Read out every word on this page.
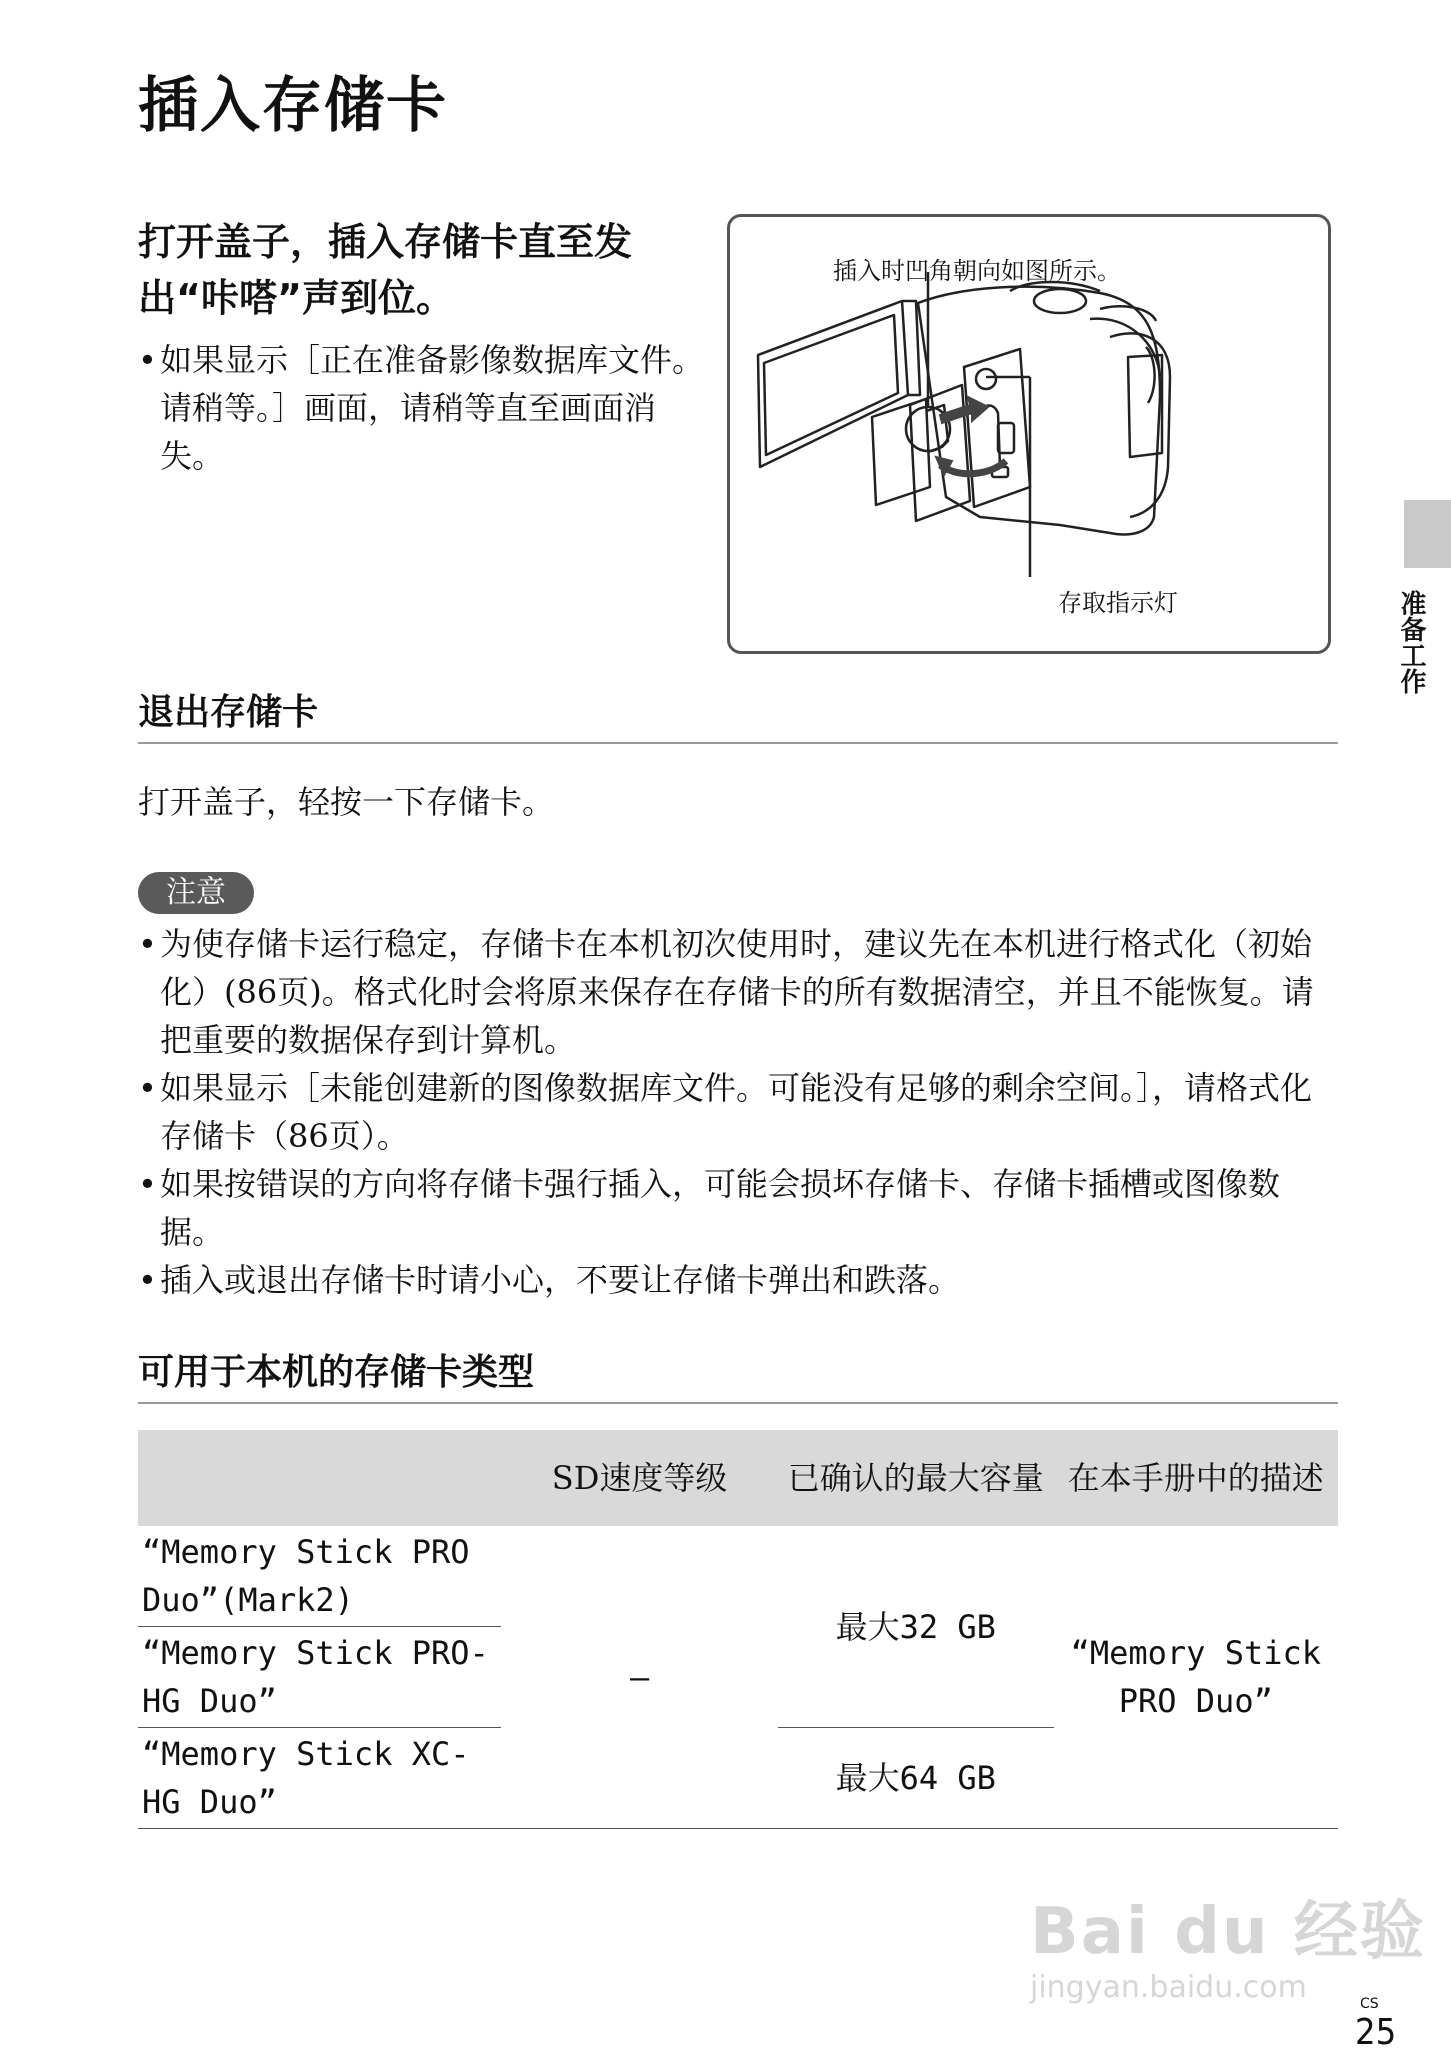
插入存储卡
打开盖子，插入存储卡直至发出“咔嗒”声到位。
• 如果显示［正在准备影像数据库文件。请稍等。］画面，请稍等直至画面消失。
插入时凹角朝向如图所示。
存取指示灯	准备工作
退出存储卡

打开盖子，轻按一下存储卡。

注意
• 为使存储卡运行稳定，存储卡在本机初次使用时，建议先在本机进行格式化（初始化）(86页)。格式化时会将原来保存在存储卡的所有数据清空，并且不能恢复。请把重要的数据保存到计算机。
• 如果显示［未能创建新的图像数据库文件。可能没有足够的剩余空间。］，请格式化存储卡（86页）。
• 如果按错误的方向将存储卡强行插入，可能会损坏存储卡、存储卡插槽或图像数据。
• 插入或退出存储卡时请小心，不要让存储卡弹出和跌落。
可用于本机的存储卡类型
	SD速度等级	已确认的最大容量	在本手册中的描述
“Memory Stick PRO Duo”(Mark2)	—	最大32 GB	“Memory Stick PRO Duo”
“Memory Stick PRO-HG Duo”			
“Memory Stick XC-HG Duo”		最大64 GB	
Bai du 经验
jingyan.baidu.com	CS
25
